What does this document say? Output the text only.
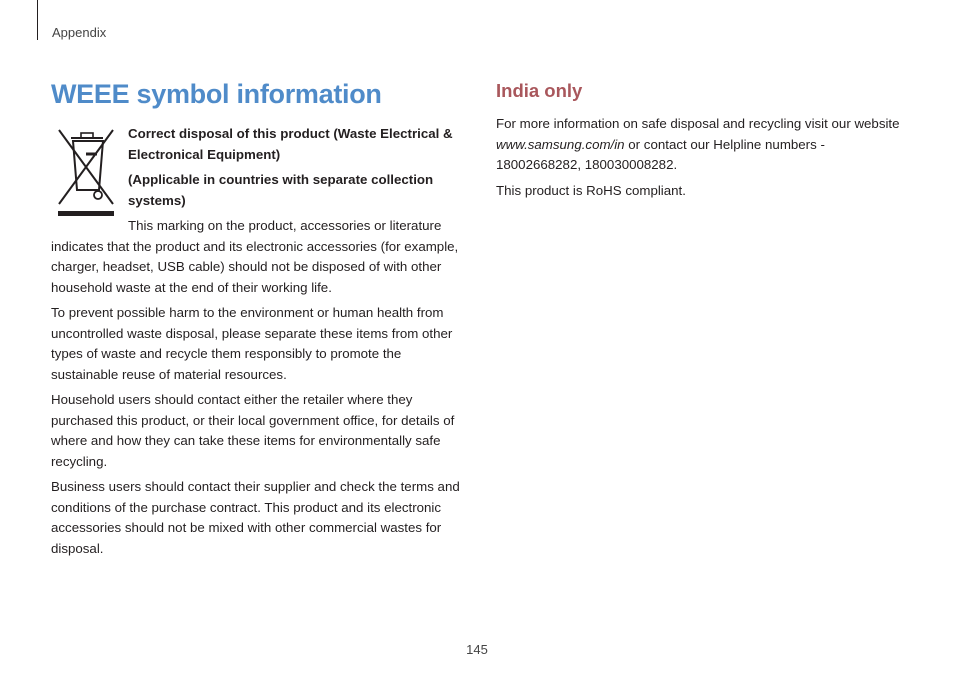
Appendix
WEEE symbol information

Correct disposal of this product (Waste Electrical & Electronical Equipment)

(Applicable in countries with separate collection systems)

This marking on the product, accessories or literature indicates that the product and its electronic accessories (for example, charger, headset, USB cable) should not be disposed of with other household waste at the end of their working life.

To prevent possible harm to the environment or human health from uncontrolled waste disposal, please separate these items from other types of waste and recycle them responsibly to promote the sustainable reuse of material resources.

Household users should contact either the retailer where they purchased this product, or their local government office, for details of where and how they can take these items for environmentally safe recycling.

Business users should contact their supplier and check the terms and conditions of the purchase contract. This product and its electronic accessories should not be mixed with other commercial wastes for disposal.

India only

For more information on safe disposal and recycling visit our website www.samsung.com/in or contact our Helpline numbers - 18002668282, 180030008282.

This product is RoHS compliant.

145
